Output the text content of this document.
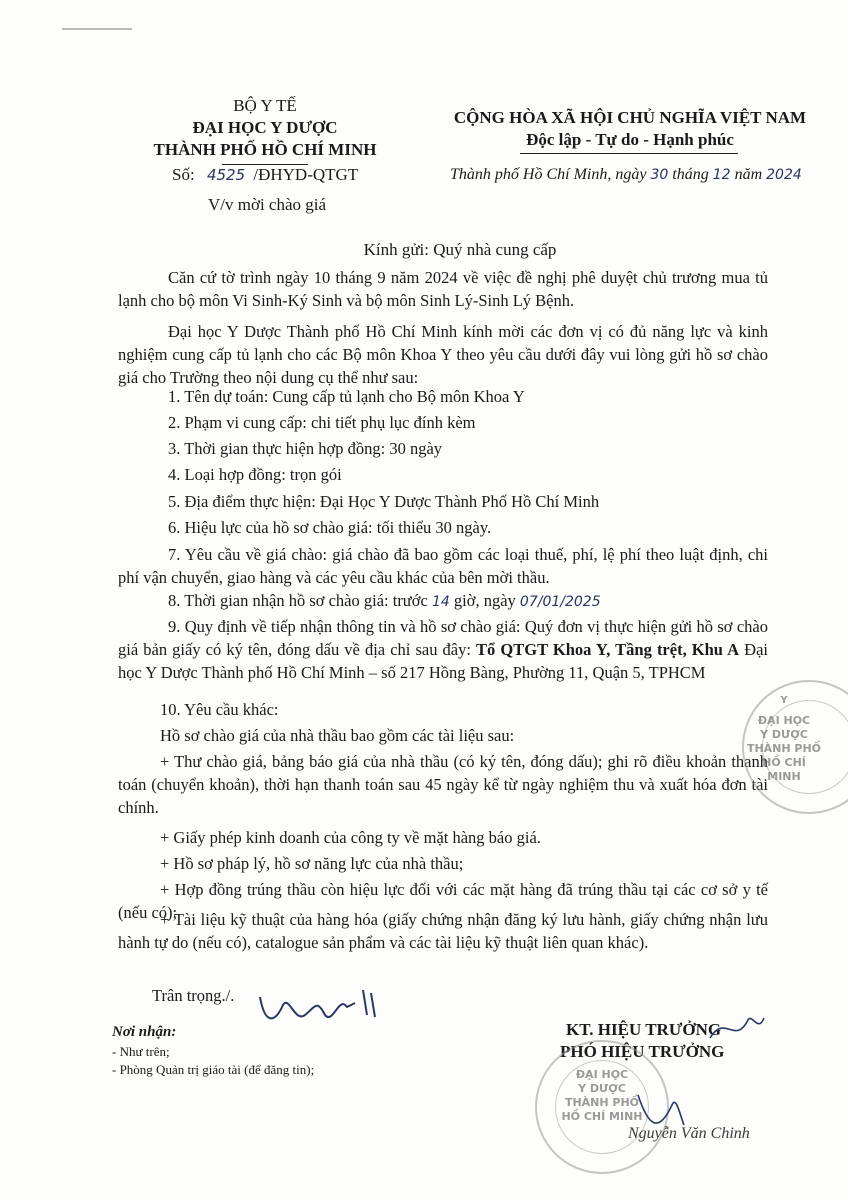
BỘ Y TẾ
ĐẠI HỌC Y DƯỢC
THÀNH PHỐ HỒ CHÍ MINH
Số: 4525 /ĐHYD-QTGT
V/v mời chào giá
CỘNG HÒA XÃ HỘI CHỦ NGHĨA VIỆT NAM
Độc lập - Tự do - Hạnh phúc
Thành phố Hồ Chí Minh, ngày 30 tháng 12 năm 2024
Kính gửi: Quý nhà cung cấp
Căn cứ tờ trình ngày 10 tháng 9 năm 2024 về việc đề nghị phê duyệt chủ trương mua tủ lạnh cho bộ môn Vi Sinh-Ký Sinh và bộ môn Sinh Lý-Sinh Lý Bệnh.
Đại học Y Dược Thành phố Hồ Chí Minh kính mời các đơn vị có đủ năng lực và kinh nghiệm cung cấp tủ lạnh cho các Bộ môn Khoa Y theo yêu cầu dưới đây vui lòng gửi hồ sơ chào giá cho Trường theo nội dung cụ thể như sau:
1. Tên dự toán: Cung cấp tủ lạnh cho Bộ môn Khoa Y
2. Phạm vi cung cấp: chi tiết phụ lục đính kèm
3. Thời gian thực hiện hợp đồng: 30 ngày
4. Loại hợp đồng: trọn gói
5. Địa điểm thực hiện: Đại Học Y Dược Thành Phố Hồ Chí Minh
6. Hiệu lực của hồ sơ chào giá: tối thiểu 30 ngày.
7. Yêu cầu về giá chào: giá chào đã bao gồm các loại thuế, phí, lệ phí theo luật định, chi phí vận chuyển, giao hàng và các yêu cầu khác của bên mời thầu.
8. Thời gian nhận hồ sơ chào giá: trước 14 giờ, ngày 07/01/2025
9. Quy định về tiếp nhận thông tin và hồ sơ chào giá: Quý đơn vị thực hiện gửi hồ sơ chào giá bản giấy có ký tên, đóng dấu về địa chỉ sau đây: Tổ QTGT Khoa Y, Tầng trệt, Khu A Đại học Y Dược Thành phố Hồ Chí Minh – số 217 Hồng Bàng, Phường 11, Quận 5, TPHCM
10. Yêu cầu khác:
Hồ sơ chào giá của nhà thầu bao gồm các tài liệu sau:
+ Thư chào giá, bảng báo giá của nhà thầu (có ký tên, đóng dấu); ghi rõ điều khoản thanh toán (chuyển khoản), thời hạn thanh toán sau 45 ngày kể từ ngày nghiệm thu và xuất hóa đơn tài chính.
+ Giấy phép kinh doanh của công ty về mặt hàng báo giá.
+ Hồ sơ pháp lý, hồ sơ năng lực của nhà thầu;
+ Hợp đồng trúng thầu còn hiệu lực đối với các mặt hàng đã trúng thầu tại các cơ sở y tế (nếu có);
+ Tài liệu kỹ thuật của hàng hóa (giấy chứng nhận đăng ký lưu hành, giấy chứng nhận lưu hành tự do (nếu có), catalogue sản phẩm và các tài liệu kỹ thuật liên quan khác).
Trân trọng./.
Nơi nhận:
- Như trên;
- Phòng Quản trị giáo tài (để đăng tin);
KT. HIỆU TRƯỞNG
PHÓ HIỆU TRƯỞNG
ĐẠI HỌC
Y DƯỢC
THÀNH PHỐ
HỒ CHÍ MINH
Nguyễn Văn Chinh
Y
ĐẠI HỌC
Y DƯỢC
THÀNH PHỐ
HỒ CHÍ MINH
